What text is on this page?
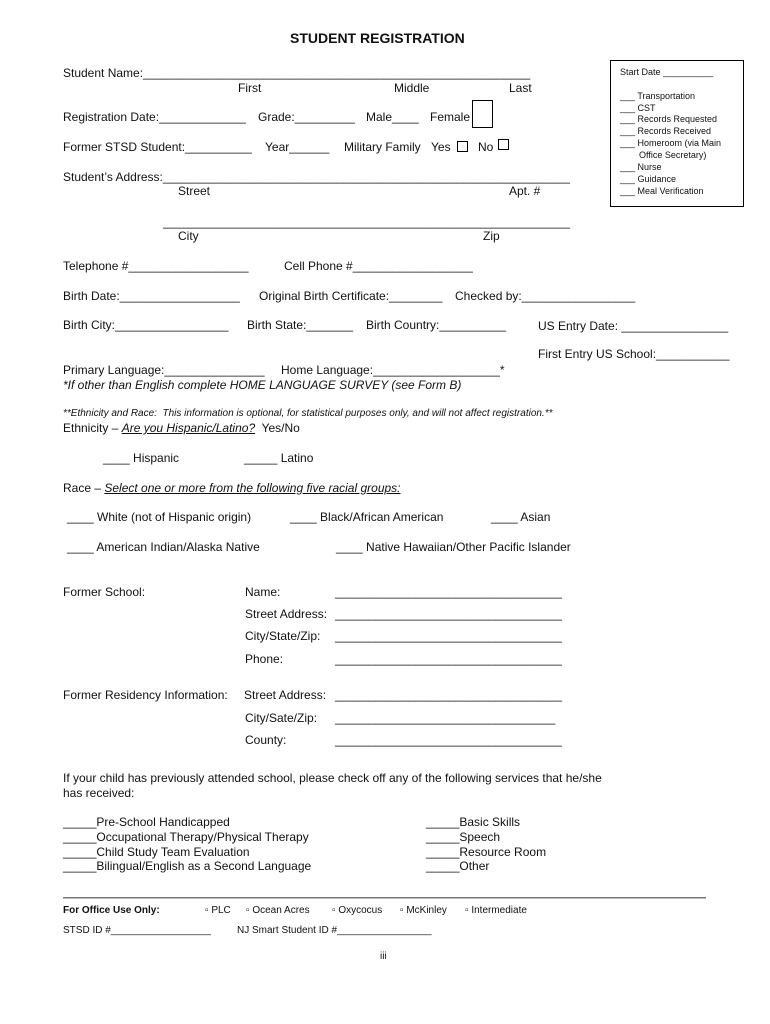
STUDENT REGISTRATION
Start Date __________
___ Transportation
___ CST
___ Records Requested
___ Records Received
___ Homeroom (via Main
Office Secretary)
___ Nurse
___ Guidance
___ Meal Verification
Student Name:__________________________________________________________
First	Middle	Last
Registration Date:_____________ Grade:_________ Male____ Female
Former STSD Student:__________ Year______ Military Family Yes No
Student’s Address:_____________________________________________________________
Street	Apt. #
_____________________________________________________________
City	Zip
Telephone #__________________	Cell Phone #__________________
Birth Date:__________________ Original Birth Certificate:________ Checked by:_________________
Birth City:_________________ Birth State:_______ Birth Country:__________	US Entry Date: ________________
First Entry US School:___________
Primary Language:_______________ Home Language:___________________*
*If other than English complete HOME LANGUAGE SURVEY (see Form B)
**Ethnicity and Race:  This information is optional, for statistical purposes only, and will not affect registration.**
Ethnicity – Are you Hispanic/Latino?  Yes/No
____ Hispanic	_____ Latino
Race – Select one or more from the following five racial groups:
____ White (not of Hispanic origin)	____ Black/African American	____ Asian
____ American Indian/Alaska Native	____ Native Hawaiian/Other Pacific Islander
Former School:	Name:	__________________________________
Street Address: __________________________________
City/State/Zip: __________________________________
Phone:	__________________________________
Former Residency Information: Street Address: __________________________________
City/Sate/Zip: _________________________________
County:	__________________________________
If your child has previously attended school, please check off any of the following services that he/she
has received:
_____Pre-School Handicapped
_____Occupational Therapy/Physical Therapy
_____Child Study Team Evaluation
_____Bilingual/English as a Second Language
_____Basic Skills
_____Speech
_____Resource Room
_____Other
For Office Use Only:	▫ PLC ▫ Ocean Acres ▫ Oxycocus ▫ McKinley ▫ Intermediate
STSD ID #__________________	NJ Smart Student ID #_________________
iii
